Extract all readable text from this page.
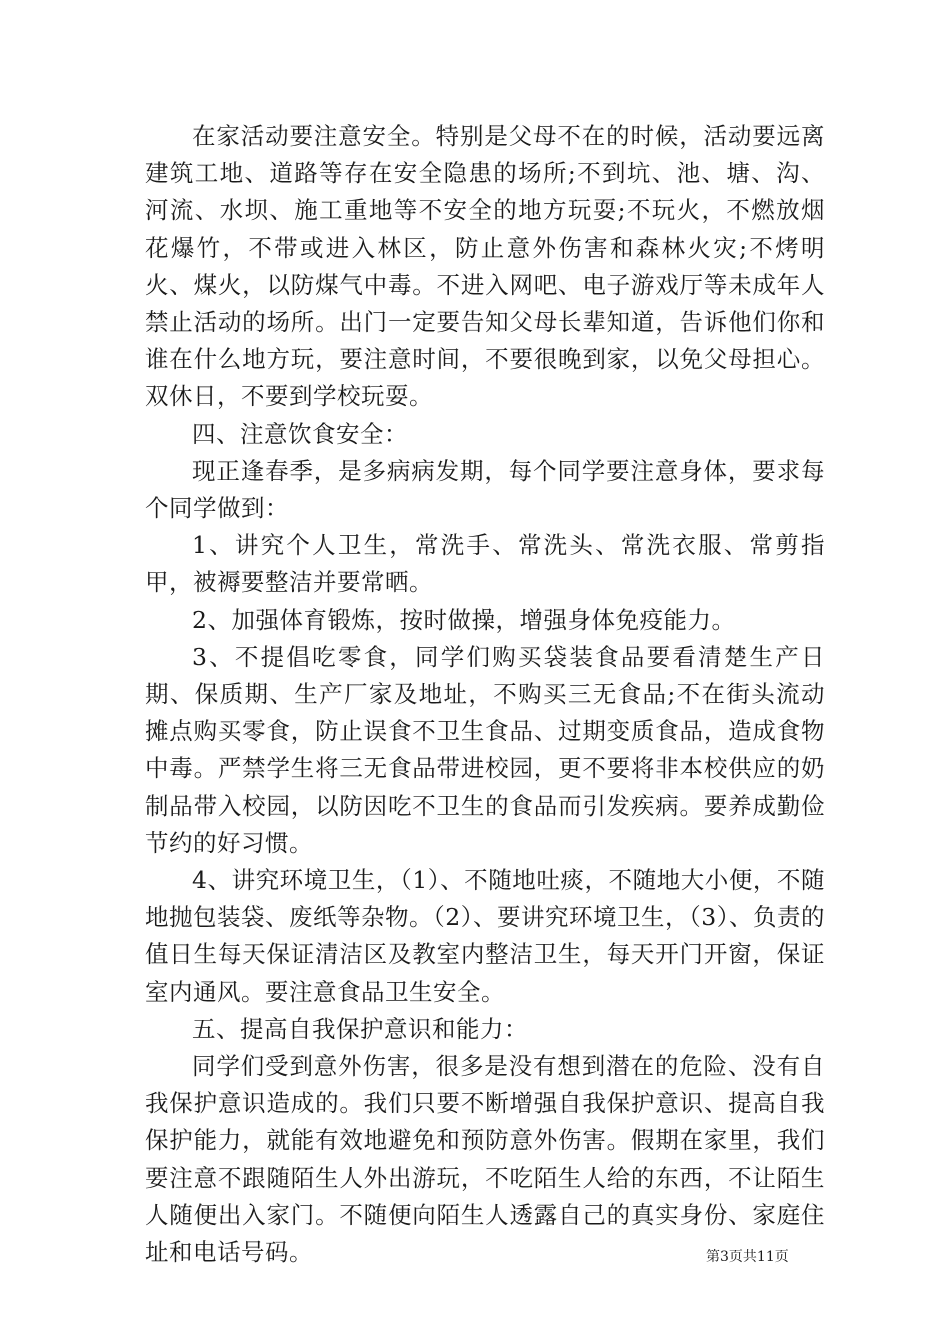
在家活动要注意安全。特别是父母不在的时候，活动要远离建筑工地、道路等存在安全隐患的场所;不到坑、池、塘、沟、河流、水坝、施工重地等不安全的地方玩耍;不玩火，不燃放烟花爆竹，不带或进入林区，防止意外伤害和森林火灾;不烤明火、煤火，以防煤气中毒。不进入网吧、电子游戏厅等未成年人禁止活动的场所。出门一定要告知父母长辈知道，告诉他们你和谁在什么地方玩，要注意时间，不要很晚到家，以免父母担心。双休日，不要到学校玩耍。

四、注意饮食安全：

现正逢春季，是多病病发期，每个同学要注意身体，要求每个同学做到：

1、讲究个人卫生，常洗手、常洗头、常洗衣服、常剪指甲，被褥要整洁并要常晒。

2、加强体育锻炼，按时做操，增强身体免疫能力。

3、不提倡吃零食，同学们购买袋装食品要看清楚生产日期、保质期、生产厂家及地址，不购买三无食品;不在街头流动摊点购买零食，防止误食不卫生食品、过期变质食品，造成食物中毒。严禁学生将三无食品带进校园，更不要将非本校供应的奶制品带入校园，以防因吃不卫生的食品而引发疾病。要养成勤俭节约的好习惯。

4、讲究环境卫生，（1）、不随地吐痰，不随地大小便，不随地抛包装袋、废纸等杂物。（2）、要讲究环境卫生，（3）、负责的值日生每天保证清洁区及教室内整洁卫生，每天开门开窗，保证室内通风。要注意食品卫生安全。

五、提高自我保护意识和能力：

同学们受到意外伤害，很多是没有想到潜在的危险、没有自我保护意识造成的。我们只要不断增强自我保护意识、提高自我保护能力，就能有效地避免和预防意外伤害。假期在家里，我们要注意不跟随陌生人外出游玩，不吃陌生人给的东西，不让陌生人随便出入家门。不随便向陌生人透露自己的真实身份、家庭住址和电话号码。	第3页共11页
